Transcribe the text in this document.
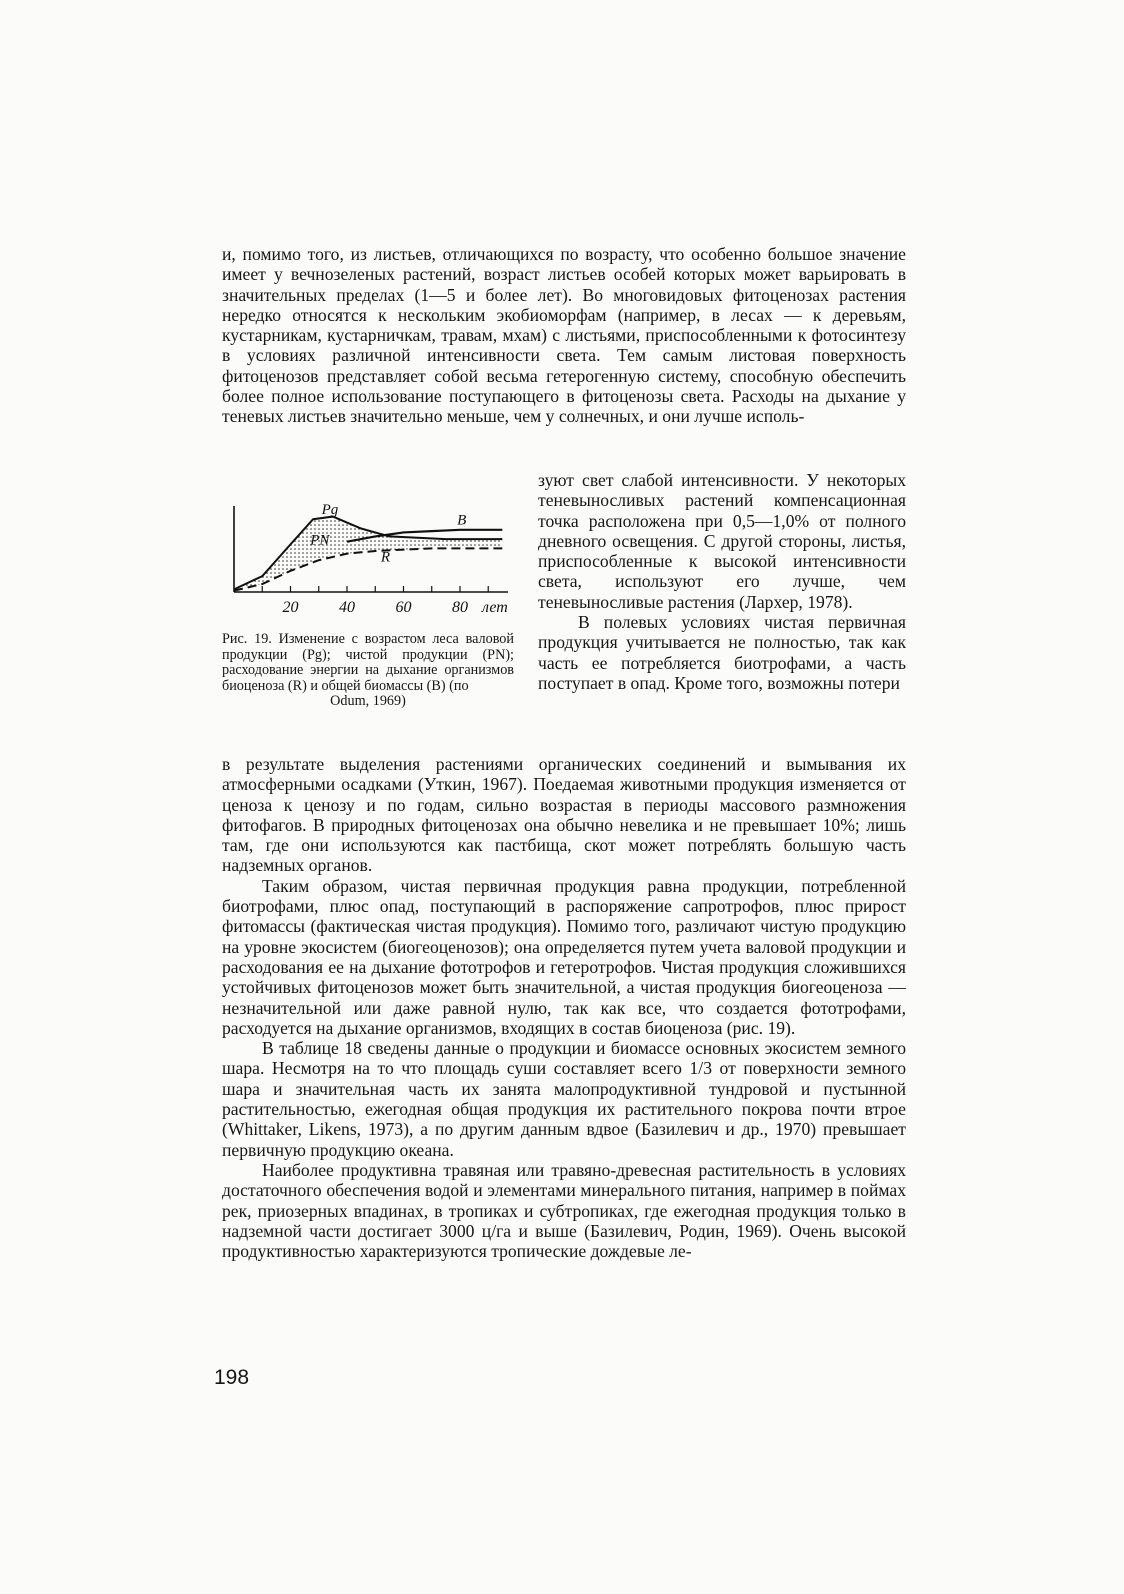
и, помимо того, из листьев, отличающихся по возрасту, что особенно большое значение имеет у вечнозеленых растений, возраст листьев особей которых может варьировать в значительных пределах (1—5 и более лет). Во многовидовых фитоценозах растения нередко относятся к нескольким экобиоморфам (например, в лесах — к деревьям, кустарникам, кустарничкам, травам, мхам) с листьями, приспособленными к фотосинтезу в условиях различной интенсивности света. Тем самым листовая поверхность фитоценозов представляет собой весьма гетерогенную систему, способную обеспечить более полное использование поступающего в фитоценозы света. Расходы на дыхание у теневых листьев значительно меньше, чем у солнечных, и они лучше исполь-

20	40	60	80 лет
Pg
PN
R
B
Рис. 19. Изменение с возрастом леса валовой продукции (Pg); чистой продукции (PN); расходование энергии на дыхание организмов биоценоза (R) и общей биомассы (B) (по
Odum, 1969)

зуют свет слабой интенсивности. У некоторых теневыносливых растений компенсационная точка расположена при 0,5—1,0% от полного дневного освещения. С другой стороны, листья, приспособленные к высокой интенсивности света, используют его лучше, чем теневыносливые растения (Лархер, 1978).

В полевых условиях чистая первичная продукция учитывается не полностью, так как часть ее потребляется биотрофами, а часть поступает в опад. Кроме того, возможны потери

в результате выделения растениями органических соединений и вымывания их атмосферными осадками (Уткин, 1967). Поедаемая животными продукция изменяется от ценоза к ценозу и по годам, сильно возрастая в периоды массового размножения фитофагов. В природных фитоценозах она обычно невелика и не превышает 10%; лишь там, где они используются как пастбища, скот может потреблять большую часть надземных органов.

Таким образом, чистая первичная продукция равна продукции, потребленной биотрофами, плюс опад, поступающий в распоряжение сапротрофов, плюс прирост фитомассы (фактическая чистая продукция). Помимо того, различают чистую продукцию на уровне экосистем (биогеоценозов); она определяется путем учета валовой продукции и расходования ее на дыхание фототрофов и гетеротрофов. Чистая продукция сложившихся устойчивых фитоценозов может быть значительной, а чистая продукция биогеоценоза — незначительной или даже равной нулю, так как все, что создается фототрофами, расходуется на дыхание организмов, входящих в состав биоценоза (рис. 19).

В таблице 18 сведены данные о продукции и биомассе основных экосистем земного шара. Несмотря на то что площадь суши составляет всего 1/3 от поверхности земного шара и значительная часть их занята малопродуктивной тундровой и пустынной растительностью, ежегодная общая продукция их растительного покрова почти втрое (Whittaker, Likens, 1973), а по другим данным вдвое (Базилевич и др., 1970) превышает первичную продукцию океана.

Наиболее продуктивна травяная или травяно-древесная растительность в условиях достаточного обеспечения водой и элементами минерального питания, например в поймах рек, приозерных впадинах, в тропиках и субтропиках, где ежегодная продукция только в надземной части достигает 3000 ц/га и выше (Базилевич, Родин, 1969). Очень высокой продуктивностью характеризуются тропические дождевые ле-

198
